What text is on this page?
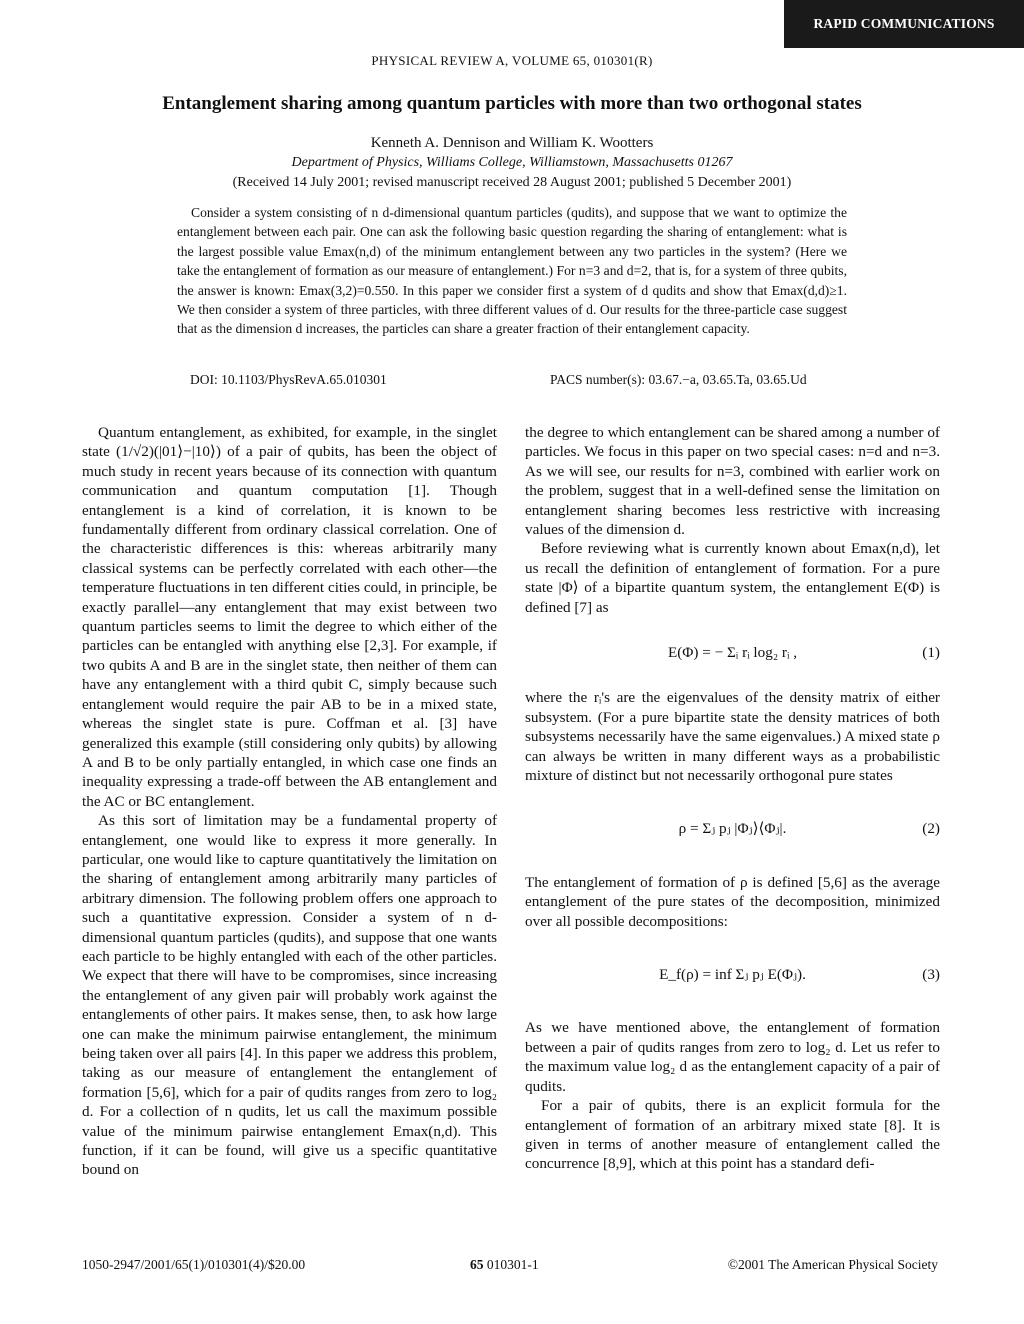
RAPID COMMUNICATIONS
PHYSICAL REVIEW A, VOLUME 65, 010301(R)
Entanglement sharing among quantum particles with more than two orthogonal states
Kenneth A. Dennison and William K. Wootters
Department of Physics, Williams College, Williamstown, Massachusetts 01267
(Received 14 July 2001; revised manuscript received 28 August 2001; published 5 December 2001)
Consider a system consisting of n d-dimensional quantum particles (qudits), and suppose that we want to optimize the entanglement between each pair. One can ask the following basic question regarding the sharing of entanglement: what is the largest possible value Emax(n,d) of the minimum entanglement between any two particles in the system? (Here we take the entanglement of formation as our measure of entanglement.) For n=3 and d=2, that is, for a system of three qubits, the answer is known: Emax(3,2)=0.550. In this paper we consider first a system of d qudits and show that Emax(d,d)≥1. We then consider a system of three particles, with three different values of d. Our results for the three-particle case suggest that as the dimension d increases, the particles can share a greater fraction of their entanglement capacity.
DOI: 10.1103/PhysRevA.65.010301	PACS number(s): 03.67.−a, 03.65.Ta, 03.65.Ud

Quantum entanglement, as exhibited, for example, in the singlet state (1/√2)(|01⟩−|10⟩) of a pair of qubits, has been the object of much study in recent years because of its connection with quantum communication and quantum computation [1]. Though entanglement is a kind of correlation, it is known to be fundamentally different from ordinary classical correlation. One of the characteristic differences is this: whereas arbitrarily many classical systems can be perfectly correlated with each other—the temperature fluctuations in ten different cities could, in principle, be exactly parallel—any entanglement that may exist between two quantum particles seems to limit the degree to which either of the particles can be entangled with anything else [2,3]. For example, if two qubits A and B are in the singlet state, then neither of them can have any entanglement with a third qubit C, simply because such entanglement would require the pair AB to be in a mixed state, whereas the singlet state is pure. Coffman et al. [3] have generalized this example (still considering only qubits) by allowing A and B to be only partially entangled, in which case one finds an inequality expressing a trade-off between the AB entanglement and the AC or BC entanglement.

As this sort of limitation may be a fundamental property of entanglement, one would like to express it more generally. In particular, one would like to capture quantitatively the limitation on the sharing of entanglement among arbitrarily many particles of arbitrary dimension. The following problem offers one approach to such a quantitative expression. Consider a system of n d-dimensional quantum particles (qudits), and suppose that one wants each particle to be highly entangled with each of the other particles. We expect that there will have to be compromises, since increasing the entanglement of any given pair will probably work against the entanglements of other pairs. It makes sense, then, to ask how large one can make the minimum pairwise entanglement, the minimum being taken over all pairs [4]. In this paper we address this problem, taking as our measure of entanglement the entanglement of formation [5,6], which for a pair of qudits ranges from zero to log₂ d. For a collection of n qudits, let us call the maximum possible value of the minimum pairwise entanglement Emax(n,d). This function, if it can be found, will give us a specific quantitative bound on

the degree to which entanglement can be shared among a number of particles. We focus in this paper on two special cases: n=d and n=3. As we will see, our results for n=3, combined with earlier work on the problem, suggest that in a well-defined sense the limitation on entanglement sharing becomes less restrictive with increasing values of the dimension d.

Before reviewing what is currently known about Emax(n,d), let us recall the definition of entanglement of formation. For a pure state |Φ⟩ of a bipartite quantum system, the entanglement E(Φ) is defined [7] as

E(Φ) = − Σᵢ rᵢ log₂ rᵢ ,	(1)

where the rᵢ's are the eigenvalues of the density matrix of either subsystem. (For a pure bipartite state the density matrices of both subsystems necessarily have the same eigenvalues.) A mixed state ρ can always be written in many different ways as a probabilistic mixture of distinct but not necessarily orthogonal pure states

ρ = Σⱼ pⱼ |Φⱼ⟩⟨Φⱼ|.	(2)

The entanglement of formation of ρ is defined [5,6] as the average entanglement of the pure states of the decomposition, minimized over all possible decompositions:

E_f(ρ) = inf Σⱼ pⱼ E(Φⱼ).	(3)

As we have mentioned above, the entanglement of formation between a pair of qudits ranges from zero to log₂ d. Let us refer to the maximum value log₂ d as the entanglement capacity of a pair of qudits.

For a pair of qubits, there is an explicit formula for the entanglement of formation of an arbitrary mixed state [8]. It is given in terms of another measure of entanglement called the concurrence [8,9], which at this point has a standard defi-

1050-2947/2001/65(1)/010301(4)/$20.00	65 010301-1	©2001 The American Physical Society
